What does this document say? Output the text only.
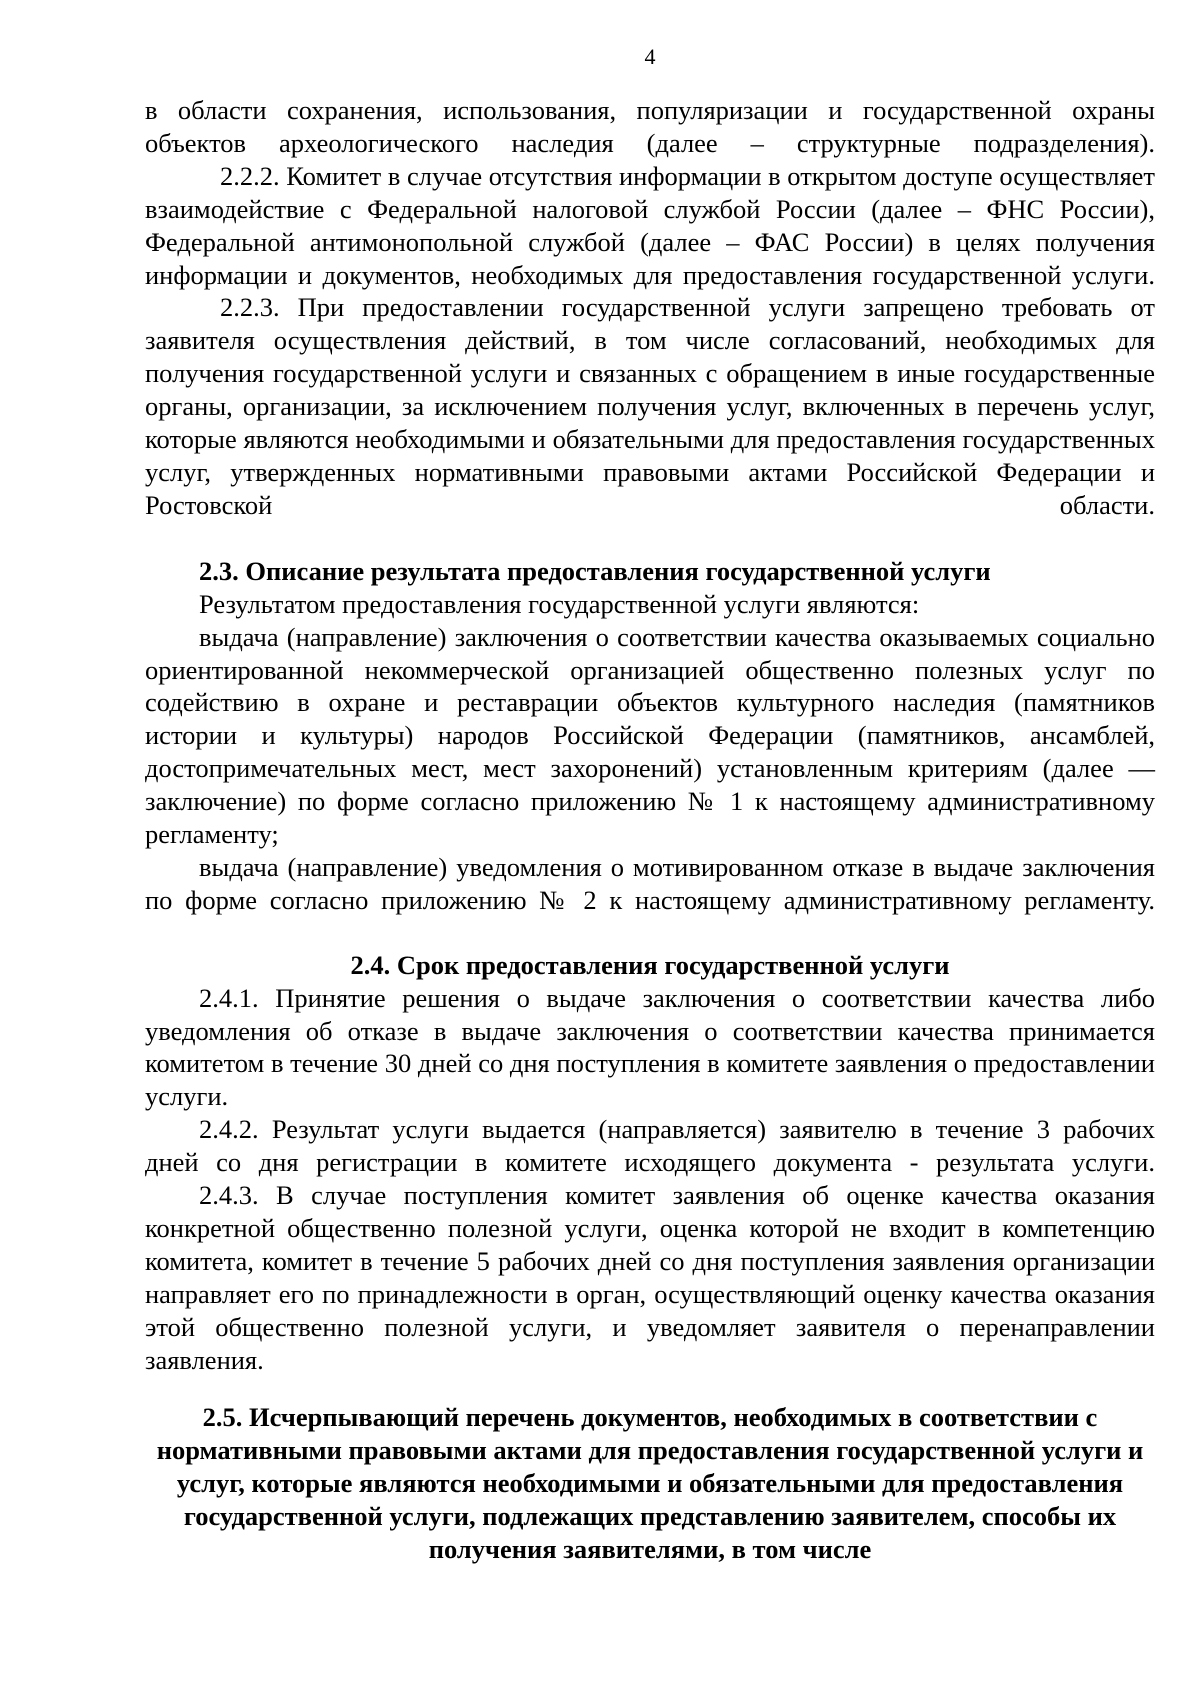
4

в области сохранения, использования, популяризации и государственной охраны объектов археологического наследия (далее – структурные подразделения).

2.2.2. Комитет в случае отсутствия информации в открытом доступе осуществляет взаимодействие с Федеральной налоговой службой России (далее – ФНС России), Федеральной антимонопольной службой (далее – ФАС России) в целях получения информации и документов, необходимых для предоставления государственной услуги.

2.2.3. При предоставлении государственной услуги запрещено требовать от заявителя осуществления действий, в том числе согласований, необходимых для получения государственной услуги и связанных с обращением в иные государственные органы, организации, за исключением получения услуг, включенных в перечень услуг, которые являются необходимыми и обязательными для предоставления государственных услуг, утвержденных нормативными правовыми актами Российской Федерации и Ростовской области.

2.3. Описание результата предоставления государственной услуги

Результатом предоставления государственной услуги являются:

выдача (направление) заключения о соответствии качества оказываемых социально ориентированной некоммерческой организацией общественно полезных услуг по содействию в охране и реставрации объектов культурного наследия (памятников истории и культуры) народов Российской Федерации (памятников, ансамблей, достопримечательных мест, мест захоронений) установленным критериям (далее — заключение) по форме согласно приложению № 1 к настоящему административному регламенту;

выдача (направление) уведомления о мотивированном отказе в выдаче заключения по форме согласно приложению № 2 к настоящему административному регламенту.

2.4. Срок предоставления государственной услуги

2.4.1. Принятие решения о выдаче заключения о соответствии качества либо уведомления об отказе в выдаче заключения о соответствии качества принимается комитетом в течение 30 дней со дня поступления в комитете заявления о предоставлении услуги.

2.4.2. Результат услуги выдается (направляется) заявителю в течение 3 рабочих дней со дня регистрации в комитете исходящего документа - результата услуги.

2.4.3. В случае поступления комитет заявления об оценке качества оказания конкретной общественно полезной услуги, оценка которой не входит в компетенцию комитета, комитет в течение 5 рабочих дней со дня поступления заявления организации направляет его по принадлежности в орган, осуществляющий оценку качества оказания этой общественно полезной услуги, и уведомляет заявителя о перенаправлении заявления.

2.5. Исчерпывающий перечень документов, необходимых в соответствии с нормативными правовыми актами для предоставления государственной услуги и услуг, которые являются необходимыми и обязательными для предоставления государственной услуги, подлежащих представлению заявителем, способы их получения заявителями, в том числе
